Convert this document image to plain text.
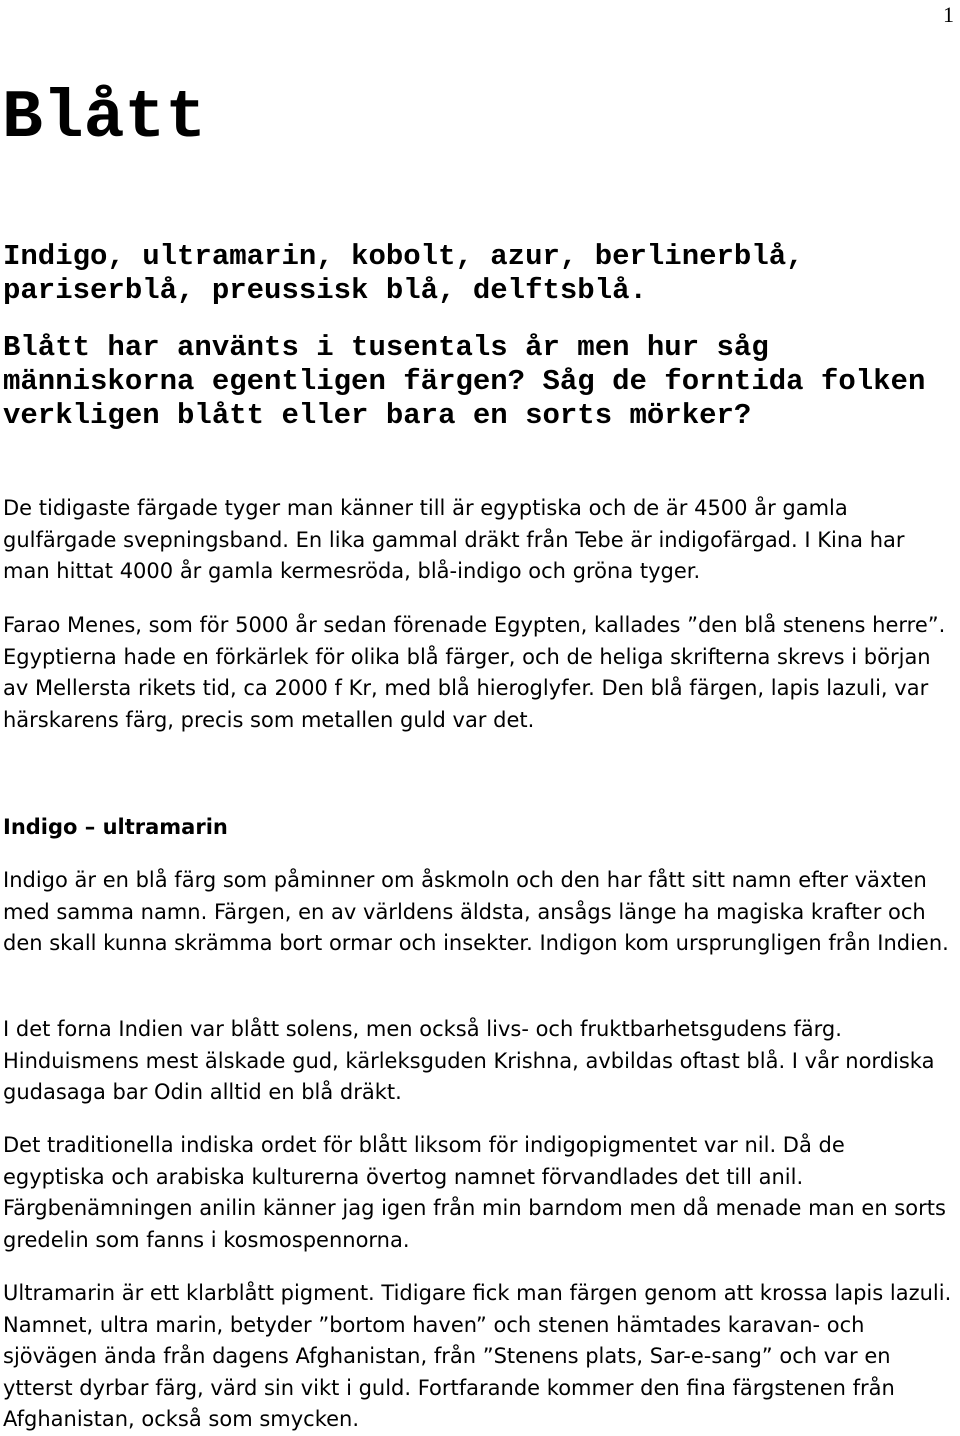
1
Blått

Indigo, ultramarin, kobolt, azur, berlinerblå, pariserblå, preussisk blå, delftsblå.

Blått har använts i tusentals år men hur såg människorna egentligen färgen? Såg de forntida folken verkligen blått eller bara en sorts mörker?

De tidigaste färgade tyger man känner till är egyptiska och de är 4500 år gamla gulfärgade svepningsband. En lika gammal dräkt från Tebe är indigofärgad. I Kina har man hittat 4000 år gamla kermesröda, blå-indigo och gröna tyger.

Farao Menes, som för 5000 år sedan förenade Egypten, kallades ”den blå stenens herre”. Egyptierna hade en förkärlek för olika blå färger, och de heliga skrifterna skrevs i början av Mellersta rikets tid, ca 2000 f Kr, med blå hieroglyfer. Den blå färgen, lapis lazuli, var härskarens färg, precis som metallen guld var det.

Indigo – ultramarin

Indigo är en blå färg som påminner om åskmoln och den har fått sitt namn efter växten med samma namn. Färgen, en av världens äldsta, ansågs länge ha magiska krafter och den skall kunna skrämma bort ormar och insekter. Indigon kom ursprungligen från Indien.

I det forna Indien var blått solens, men också livs- och fruktbarhetsgudens färg. Hinduismens mest älskade gud, kärleksguden Krishna, avbildas oftast blå. I vår nordiska gudasaga bar Odin alltid en blå dräkt.

Det traditionella indiska ordet för blått liksom för indigopigmentet var nil. Då de egyptiska och arabiska kulturerna övertog namnet förvandlades det till anil. Färgbenämningen anilin känner jag igen från min barndom men då menade man en sorts gredelin som fanns i kosmospennorna.

Ultramarin är ett klarblått pigment. Tidigare fick man färgen genom att krossa lapis lazuli. Namnet, ultra marin, betyder ”bortom haven” och stenen hämtades karavan- och sjövägen ända från dagens Afghanistan, från ”Stenens plats, Sar-e-sang” och var en ytterst dyrbar färg, värd sin vikt i guld. Fortfarande kommer den fina färgstenen från Afghanistan, också som smycken.
